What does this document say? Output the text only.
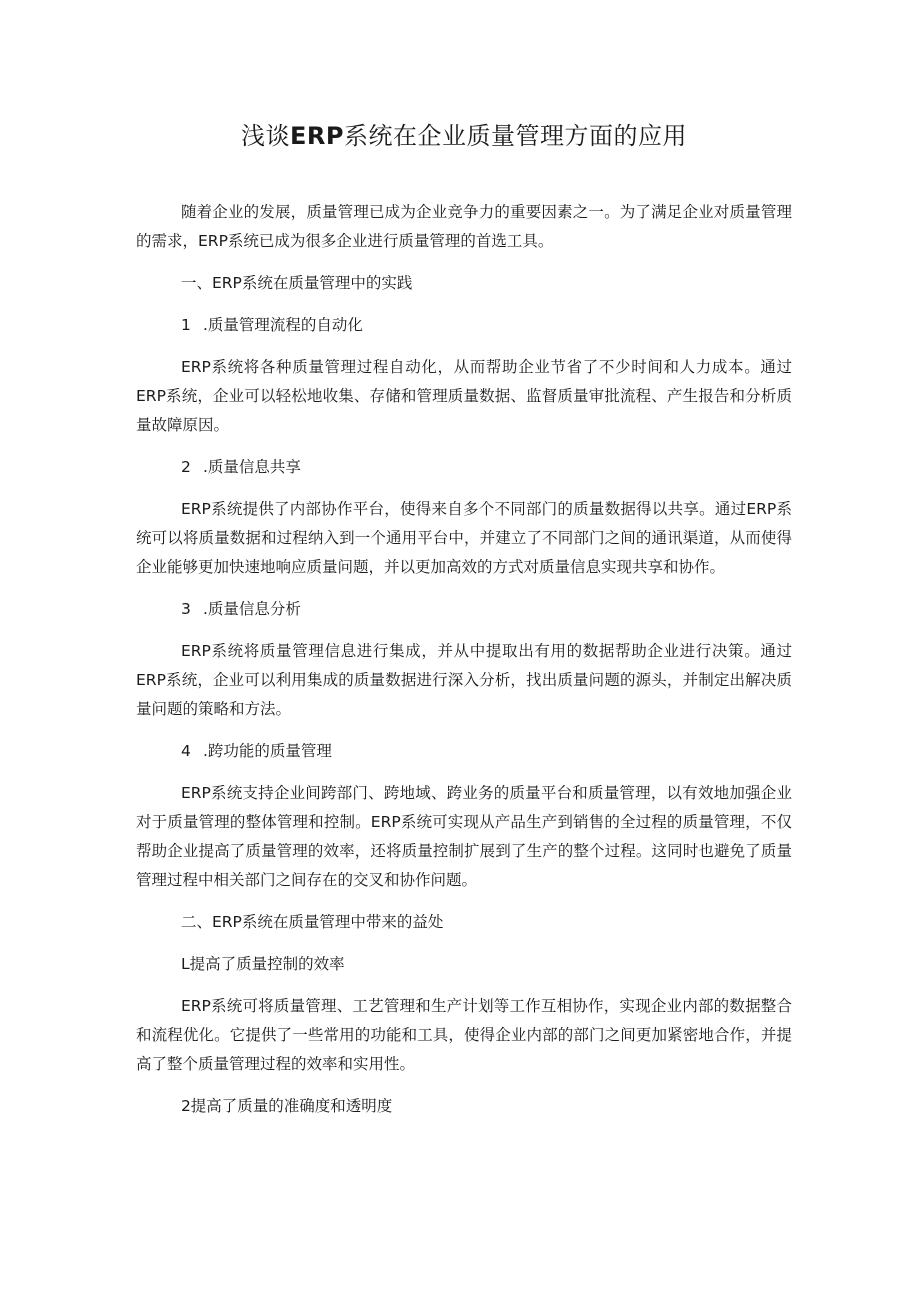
浅谈ERP系统在企业质量管理方面的应用

随着企业的发展，质量管理已成为企业竞争力的重要因素之一。为了满足企业对质量管理的需求，ERP系统已成为很多企业进行质量管理的首选工具。

一、ERP系统在质量管理中的实践

1 .质量管理流程的自动化

ERP系统将各种质量管理过程自动化，从而帮助企业节省了不少时间和人力成本。通过ERP系统，企业可以轻松地收集、存储和管理质量数据、监督质量审批流程、产生报告和分析质量故障原因。

2 .质量信息共享

ERP系统提供了内部协作平台，使得来自多个不同部门的质量数据得以共享。通过ERP系统可以将质量数据和过程纳入到一个通用平台中，并建立了不同部门之间的通讯渠道，从而使得企业能够更加快速地响应质量问题，并以更加高效的方式对质量信息实现共享和协作。

3 .质量信息分析

ERP系统将质量管理信息进行集成，并从中提取出有用的数据帮助企业进行决策。通过ERP系统，企业可以利用集成的质量数据进行深入分析，找出质量问题的源头，并制定出解决质量问题的策略和方法。

4 .跨功能的质量管理

ERP系统支持企业间跨部门、跨地域、跨业务的质量平台和质量管理，以有效地加强企业对于质量管理的整体管理和控制。ERP系统可实现从产品生产到销售的全过程的质量管理，不仅帮助企业提高了质量管理的效率，还将质量控制扩展到了生产的整个过程。这同时也避免了质量管理过程中相关部门之间存在的交叉和协作问题。

二、ERP系统在质量管理中带来的益处

L提高了质量控制的效率

ERP系统可将质量管理、工艺管理和生产计划等工作互相协作，实现企业内部的数据整合和流程优化。它提供了一些常用的功能和工具，使得企业内部的部门之间更加紧密地合作，并提高了整个质量管理过程的效率和实用性。

2提高了质量的准确度和透明度
